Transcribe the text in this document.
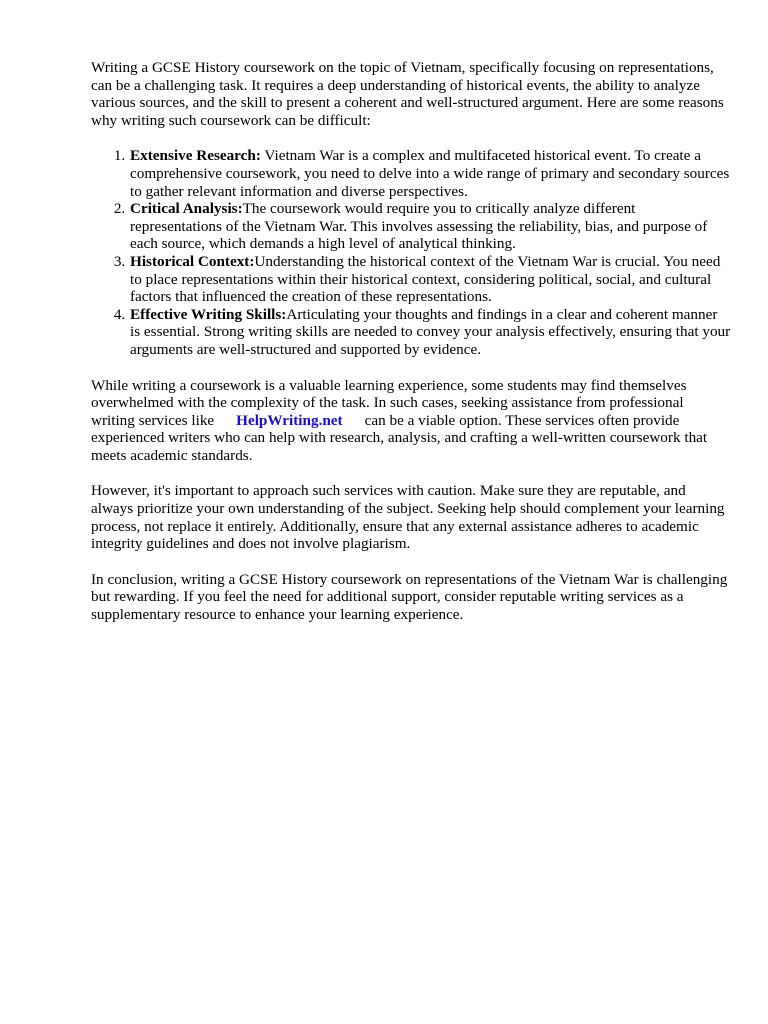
Writing a GCSE History coursework on the topic of Vietnam, specifically focusing on representations, can be a challenging task. It requires a deep understanding of historical events, the ability to analyze various sources, and the skill to present a coherent and well-structured argument. Here are some reasons why writing such coursework can be difficult:

1. Extensive Research: Vietnam War is a complex and multifaceted historical event. To create a comprehensive coursework, you need to delve into a wide range of primary and secondary sources to gather relevant information and diverse perspectives.
2. Critical Analysis:The coursework would require you to critically analyze different representations of the Vietnam War. This involves assessing the reliability, bias, and purpose of each source, which demands a high level of analytical thinking.
3. Historical Context:Understanding the historical context of the Vietnam War is crucial. You need to place representations within their historical context, considering political, social, and cultural factors that influenced the creation of these representations.
4. Effective Writing Skills:Articulating your thoughts and findings in a clear and coherent manner is essential. Strong writing skills are needed to convey your analysis effectively, ensuring that your arguments are well-structured and supported by evidence.

While writing a coursework is a valuable learning experience, some students may find themselves overwhelmed with the complexity of the task. In such cases, seeking assistance from professional writing services like HelpWriting.net can be a viable option. These services often provide experienced writers who can help with research, analysis, and crafting a well-written coursework that meets academic standards.

However, it's important to approach such services with caution. Make sure they are reputable, and always prioritize your own understanding of the subject. Seeking help should complement your learning process, not replace it entirely. Additionally, ensure that any external assistance adheres to academic integrity guidelines and does not involve plagiarism.

In conclusion, writing a GCSE History coursework on representations of the Vietnam War is challenging but rewarding. If you feel the need for additional support, consider reputable writing services as a supplementary resource to enhance your learning experience.
